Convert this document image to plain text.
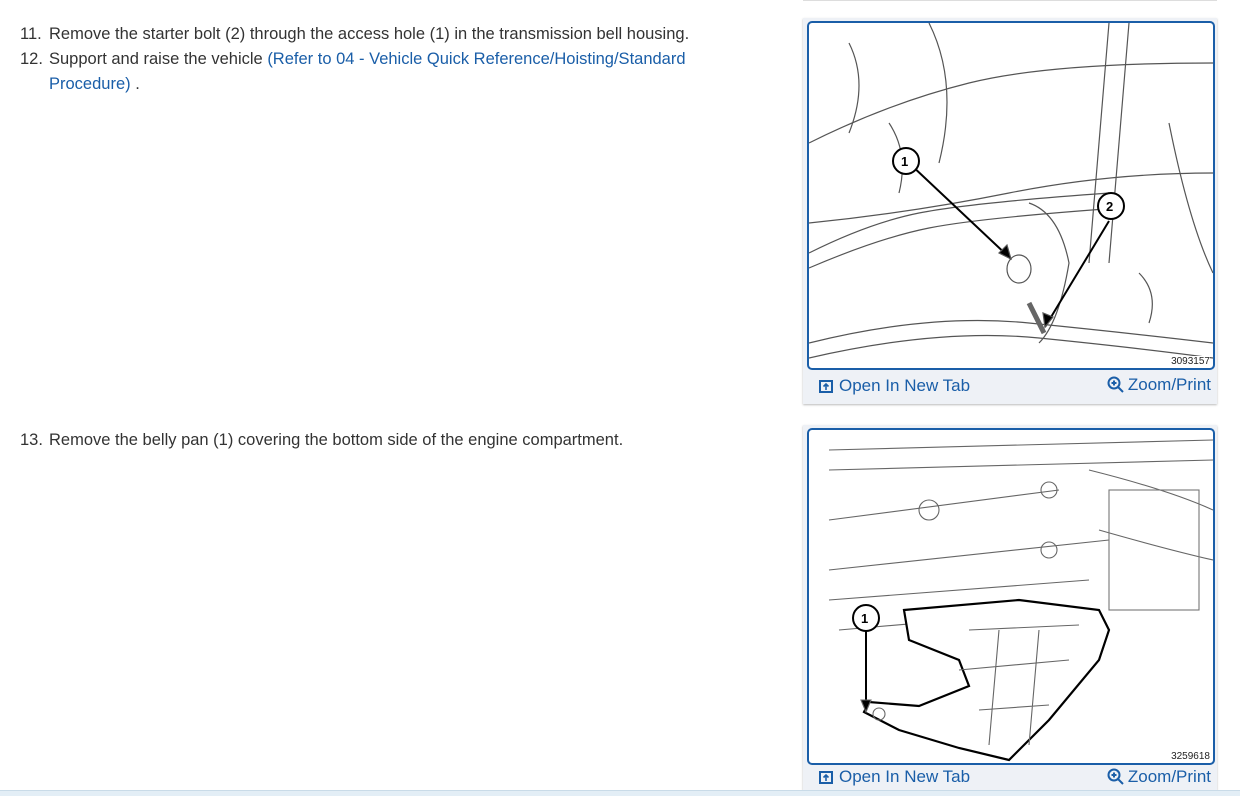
11. Remove the starter bolt (2) through the access hole (1) in the transmission bell housing.
12. Support and raise the vehicle (Refer to 04 - Vehicle Quick Reference/Hoisting/Standard Procedure) .
13. Remove the belly pan (1) covering the bottom side of the engine compartment.
1
2
3093157
Open In New Tab	Zoom/Print
1
3259618
Open In New Tab	Zoom/Print
